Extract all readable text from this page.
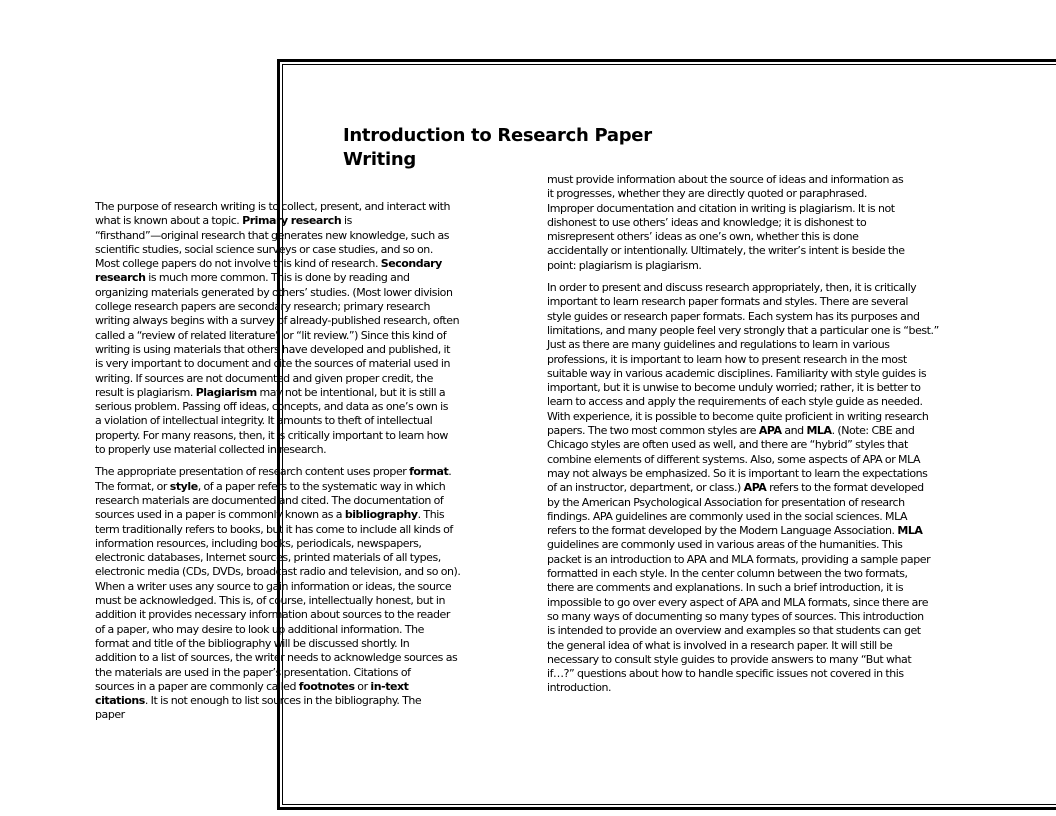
Introduction to Research Paper
Writing

The purpose of research writing is to collect, present, and interact with
what is known about a topic. Primary research is
“firsthand”—original research that generates new knowledge, such as
scientific studies, social science surveys or case studies, and so on.
Most college papers do not involve this kind of research. Secondary
research is much more common. This is done by reading and
organizing materials generated by others’ studies. (Most lower division
college research papers are secondary research; primary research
writing always begins with a survey of already-published research, often
called a “review of related literature” or “lit review.”) Since this kind of
writing is using materials that others have developed and published, it
is very important to document and cite the sources of material used in
writing. If sources are not documented and given proper credit, the
result is plagiarism. Plagiarism may not be intentional, but it is still a
serious problem. Passing off ideas, concepts, and data as one’s own is
a violation of intellectual integrity. It amounts to theft of intellectual
property. For many reasons, then, it is critically important to learn how
to properly use material collected in research.

The appropriate presentation of research content uses proper format.
The format, or style, of a paper refers to the systematic way in which
research materials are documented and cited. The documentation of
sources used in a paper is commonly known as a bibliography. This
term traditionally refers to books, but it has come to include all kinds of
information resources, including books, periodicals, newspapers,
electronic databases, Internet sources, printed materials of all types,
electronic media (CDs, DVDs, broadcast radio and television, and so on).
When a writer uses any source to gain information or ideas, the source
must be acknowledged. This is, of course, intellectually honest, but in
addition it provides necessary information about sources to the reader
of a paper, who may desire to look up additional information. The
format and title of the bibliography will be discussed shortly. In
addition to a list of sources, the writer needs to acknowledge sources as
the materials are used in the paper’s presentation. Citations of
sources in a paper are commonly called footnotes or in-text
citations. It is not enough to list sources in the bibliography. The
paper

must provide information about the source of ideas and information as
it progresses, whether they are directly quoted or paraphrased.
Improper documentation and citation in writing is plagiarism. It is not
dishonest to use others’ ideas and knowledge; it is dishonest to
misrepresent others’ ideas as one’s own, whether this is done
accidentally or intentionally. Ultimately, the writer’s intent is beside the
point: plagiarism is plagiarism.

In order to present and discuss research appropriately, then, it is critically
important to learn research paper formats and styles. There are several
style guides or research paper formats. Each system has its purposes and
limitations, and many people feel very strongly that a particular one is “best.”
Just as there are many guidelines and regulations to learn in various
professions, it is important to learn how to present research in the most
suitable way in various academic disciplines. Familiarity with style guides is
important, but it is unwise to become unduly worried; rather, it is better to
learn to access and apply the requirements of each style guide as needed.
With experience, it is possible to become quite proficient in writing research
papers. The two most common styles are APA and MLA. (Note: CBE and
Chicago styles are often used as well, and there are “hybrid” styles that
combine elements of different systems. Also, some aspects of APA or MLA
may not always be emphasized. So it is important to learn the expectations
of an instructor, department, or class.) APA refers to the format developed
by the American Psychological Association for presentation of research
findings. APA guidelines are commonly used in the social sciences. MLA
refers to the format developed by the Modern Language Association. MLA
guidelines are commonly used in various areas of the humanities. This
packet is an introduction to APA and MLA formats, providing a sample paper
formatted in each style. In the center column between the two formats,
there are comments and explanations. In such a brief introduction, it is
impossible to go over every aspect of APA and MLA formats, since there are
so many ways of documenting so many types of sources. This introduction
is intended to provide an overview and examples so that students can get
the general idea of what is involved in a research paper. It will still be
necessary to consult style guides to provide answers to many “But what
if…?” questions about how to handle specific issues not covered in this
introduction.
